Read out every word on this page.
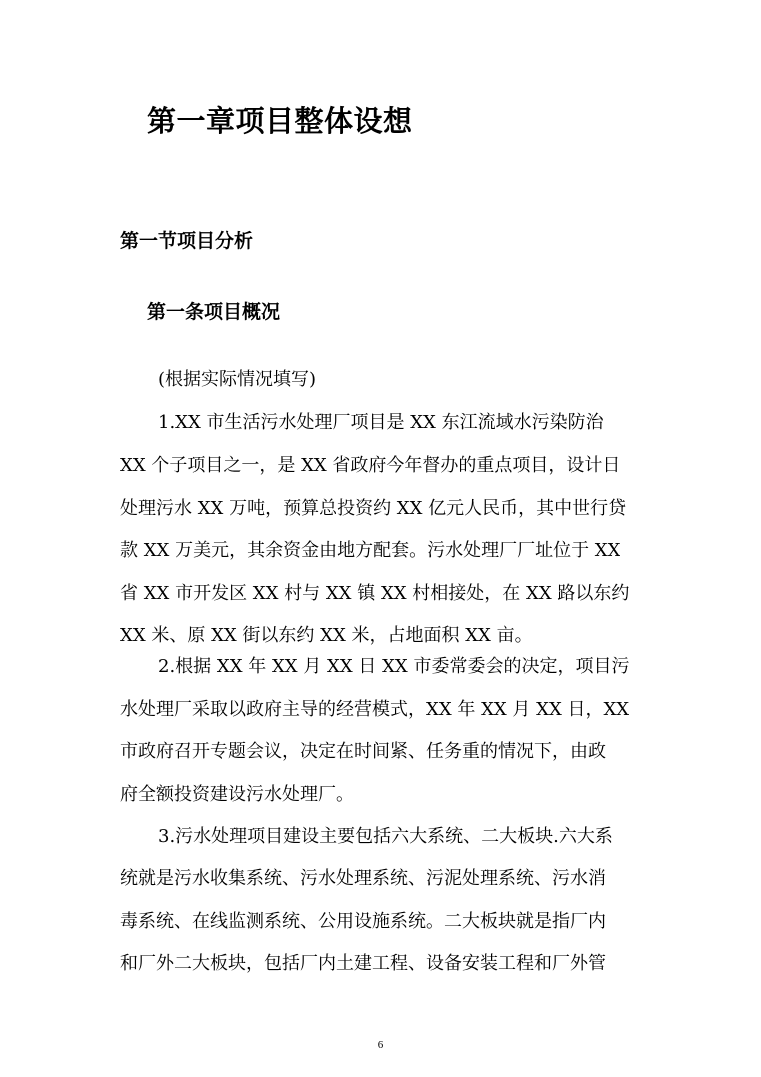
第一章项目整体设想
第一节项目分析
第一条项目概况
(根据实际情况填写)
1.XX 市生活污水处理厂项目是 XX 东江流域水污染防治
XX 个子项目之一，是 XX 省政府今年督办的重点项目，设计日
处理污水 XX 万吨，预算总投资约 XX 亿元人民币，其中世行贷
款 XX 万美元，其余资金由地方配套。污水处理厂厂址位于 XX
省 XX 市开发区 XX 村与 XX 镇 XX 村相接处，在 XX 路以东约
XX 米、原 XX 街以东约 XX 米，占地面积 XX 亩。
2.根据 XX 年 XX 月 XX 日 XX 市委常委会的决定，项目污
水处理厂采取以政府主导的经营模式，XX 年 XX 月 XX 日，XX
市政府召开专题会议，决定在时间紧、任务重的情况下，由政
府全额投资建设污水处理厂。
3.污水处理项目建设主要包括六大系统、二大板块.六大系
统就是污水收集系统、污水处理系统、污泥处理系统、污水消
毒系统、在线监测系统、公用设施系统。二大板块就是指厂内
和厂外二大板块，包括厂内土建工程、设备安装工程和厂外管
6
